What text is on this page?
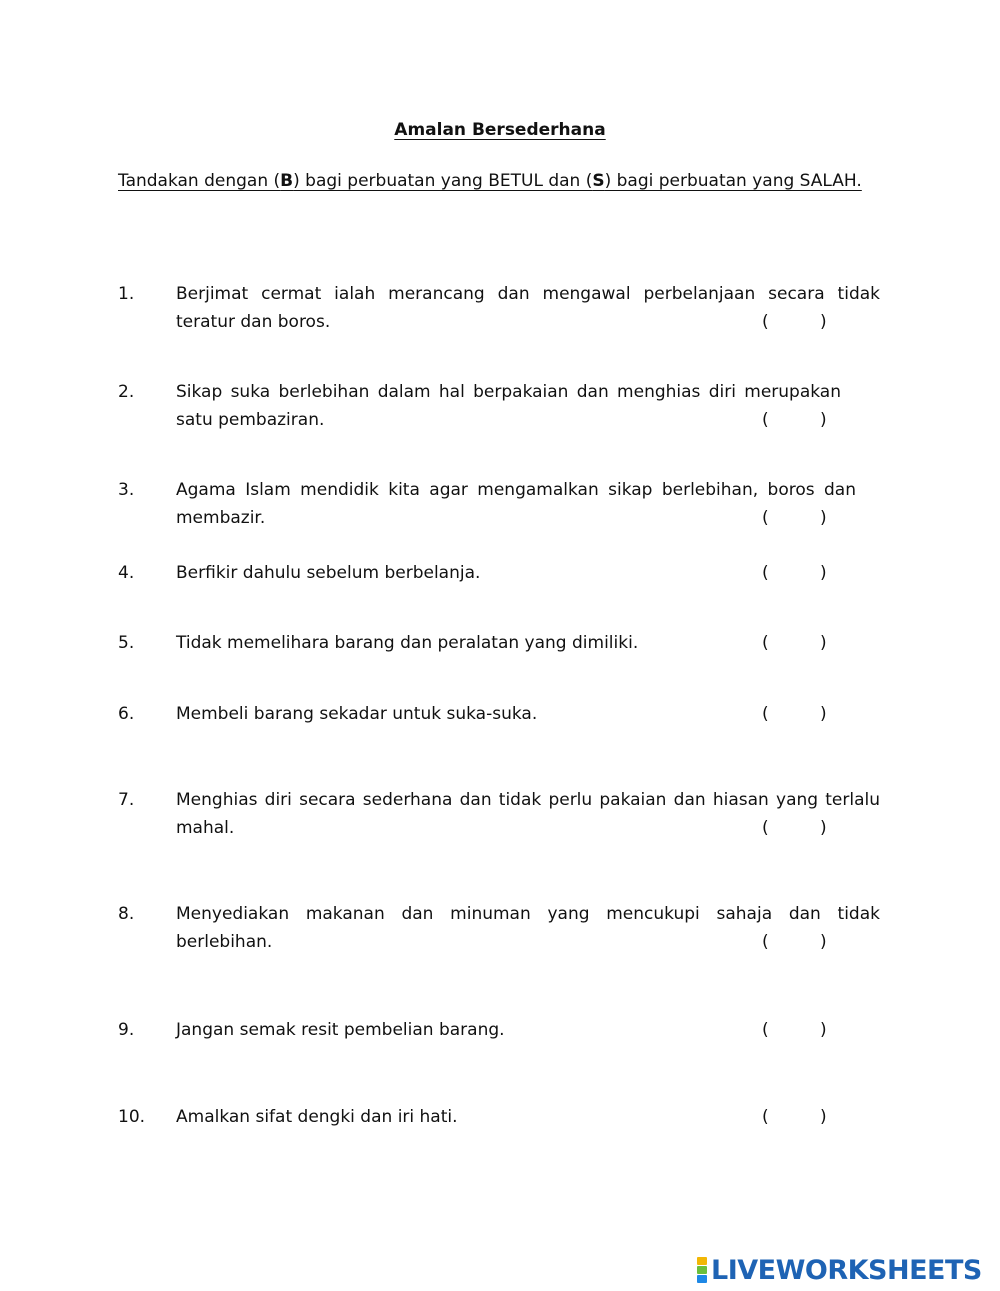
Amalan Bersederhana
Tandakan dengan (B) bagi perbuatan yang BETUL dan (S) bagi perbuatan yang SALAH.
1. Berjimat cermat ialah merancang dan mengawal perbelanjaan secara tidak teratur dan boros.	(	)
2. Sikap suka berlebihan dalam hal berpakaian dan menghias diri merupakan satu pembaziran.	(	)
3. Agama Islam mendidik kita agar mengamalkan sikap berlebihan, boros dan membazir.	(	)
4. Berfikir dahulu sebelum berbelanja.	(	)
5. Tidak memelihara barang dan peralatan yang dimiliki.	(	)
6. Membeli barang sekadar untuk suka-suka.	(	)
7. Menghias diri secara sederhana dan tidak perlu pakaian dan hiasan yang terlalu mahal.	(	)
8. Menyediakan makanan dan minuman yang mencukupi sahaja dan tidak berlebihan.	(	)
9. Jangan semak resit pembelian barang.	(	)
10. Amalkan sifat dengki dan iri hati.	(	)
LIVEWORKSHEETS
